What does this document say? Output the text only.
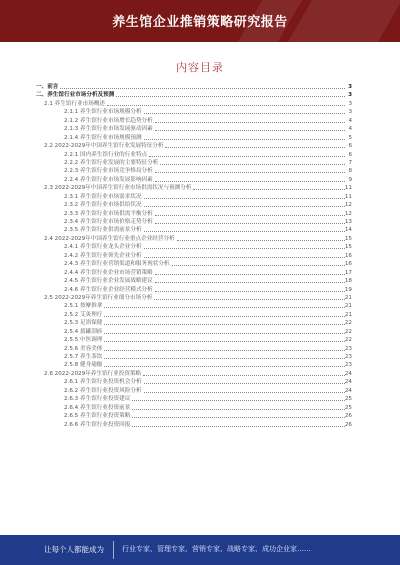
养生馆企业推销策略研究报告
内容目录
一、前言	3
二、养生馆行业市场分析及预测	3
2.1 养生馆行业市场概述	3
2.1.1 养生馆行业市场规模分析	3
2.1.2 养生馆行业市场增长趋势分析	4
2.1.3 养生馆行业市场发展驱动因素	4
2.1.4 养生馆行业市场规模预测	5
2.2 2022-2029年中国养生馆行业发展特征分析	6
2.2.1 国内养生馆行业的行业特点	6
2.2.2 养生馆行业发展的主要特征分析	7
2.2.3 养生馆行业市场竞争格局分析	8
2.2.4 养生馆行业市场发展影响因素	9
2.3 2022-2029年中国养生馆行业市场供需状况与预测分析	11
2.3.1 养生馆行业市场需求状况	11
2.3.2 养生馆行业市场供给状况	12
2.3.3 养生馆行业市场供需平衡分析	12
2.3.4 养生馆行业市场价格走势分析	13
2.3.5 养生馆行业供需前景分析	14
2.4 2022-2029年中国养生馆行业重点企业经营分析	15
2.4.1 养生馆行业龙头企业分析	15
2.4.2 养生馆行业领先企业分析	16
2.4.3 养生馆行业营销渠道和服务现状分析	16
2.4.4 养生馆行业企业市场营销策略	17
2.4.5 养生馆行业企业发展战略建议	18
2.4.6 养生馆行业企业经营模式分析	19
2.5 2022-2029年养生馆行业细分市场分析	21
2.5.1 按摩推拿	21
2.5.2 艾灸理疗	21
2.5.3 足浴保健	22
2.5.4 拔罐刮痧	22
2.5.5 中医调理	22
2.5.6 美容美体	23
2.5.7 养生茶饮	23
2.5.8 健身瑜伽	23
2.6 2022-2029年养生馆行业投资策略	24
2.6.1 养生馆行业投资机会分析	24
2.6.2 养生馆行业投资风险分析	24
2.6.3 养生馆行业投资建议	25
2.6.4 养生馆行业投资前景	25
2.6.5 养生馆行业投资策略	26
2.6.6 养生馆行业投资回报	26
让每个人都能成为	行业专家、管理专家、营销专家、战略专家、成功企业家……
